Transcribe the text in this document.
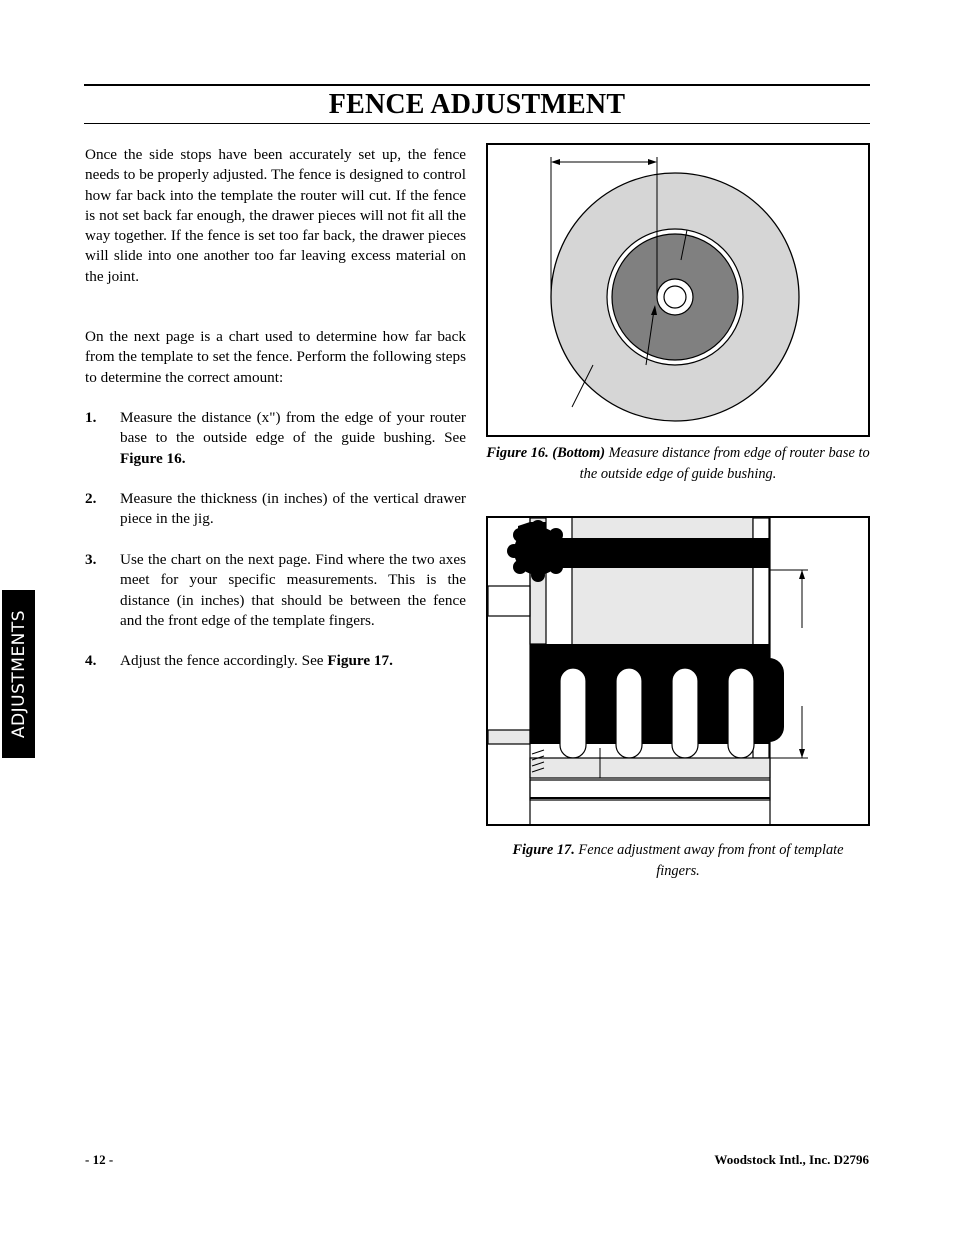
FENCE ADJUSTMENT
Once the side stops have been accurately set up, the fence needs to be properly adjusted. The fence is designed to control how far back into the template the router will cut. If the fence is not set back far enough, the drawer pieces will not fit all the way together. If the fence is set too far back, the drawer pieces will slide into one another too far leaving excess material on the joint.
On the next page is a chart used to determine how far back from the template to set the fence. Perform the following steps to determine the correct amount:
1. Measure the distance (x") from the edge of your router base to the outside edge of the guide bushing. See Figure 16.
2. Measure the thickness (in inches) of the vertical drawer piece in the jig.
3. Use the chart on the next page. Find where the two axes meet for your specific measurements. This is the distance (in inches) that should be between the fence and the front edge of the template fingers.
4. Adjust the fence accordingly. See Figure 17.
Figure 16. (Bottom) Measure distance from edge of router base to the outside edge of guide bushing.
Figure 17. Fence adjustment away from front of template fingers.
ADJUSTMENTS
- 12 -	Woodstock Intl., Inc. D2796
